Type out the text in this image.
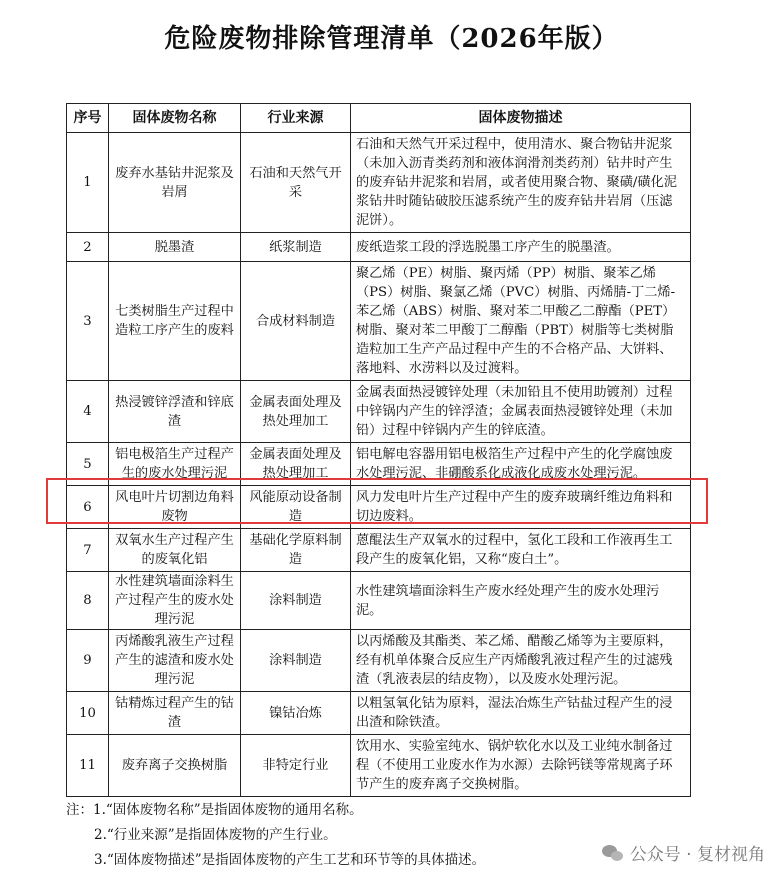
危险废物排除管理清单（2026年版）
序号	固体废物名称	行业来源	固体废物描述
1	废弃水基钻井泥浆及岩屑	石油和天然气开采	石油和天然气开采过程中，使用清水、聚合物钻井泥浆（未加入沥青类药剂和液体润滑剂类药剂）钻井时产生的废弃钻井泥浆和岩屑，或者使用聚合物、聚磺/磺化泥浆钻井时随钻破胶压滤系统产生的废弃钻井岩屑（压滤泥饼）。
2	脱墨渣	纸浆制造	废纸造浆工段的浮选脱墨工序产生的脱墨渣。
3	七类树脂生产过程中造粒工序产生的废料	合成材料制造	聚乙烯（PE）树脂、聚丙烯（PP）树脂、聚苯乙烯（PS）树脂、聚氯乙烯（PVC）树脂、丙烯腈-丁二烯-苯乙烯（ABS）树脂、聚对苯二甲酸乙二醇酯（PET）树脂、聚对苯二甲酸丁二醇酯（PBT）树脂等七类树脂造粒加工生产产品过程中产生的不合格产品、大饼料、落地料、水涝料以及过渡料。
4	热浸镀锌浮渣和锌底渣	金属表面处理及热处理加工	金属表面热浸镀锌处理（未加铅且不使用助镀剂）过程中锌锅内产生的锌浮渣；金属表面热浸镀锌处理（未加铅）过程中锌锅内产生的锌底渣。
5	铝电极箔生产过程产生的废水处理污泥	金属表面处理及热处理加工	铝电解电容器用铝电极箔生产过程中产生的化学腐蚀废水处理污泥、非硼酸系化成液化成废水处理污泥。
6	风电叶片切割边角料废物	风能原动设备制造	风力发电叶片生产过程中产生的废弃玻璃纤维边角料和切边废料。
7	双氧水生产过程产生的废氧化铝	基础化学原料制造	蒽醌法生产双氧水的过程中，氢化工段和工作液再生工段产生的废氧化铝，又称“废白土”。
8	水性建筑墙面涂料生产过程产生的废水处理污泥	涂料制造	水性建筑墙面涂料生产废水经处理产生的废水处理污泥。
9	丙烯酸乳液生产过程产生的滤渣和废水处理污泥	涂料制造	以丙烯酸及其酯类、苯乙烯、醋酸乙烯等为主要原料，经有机单体聚合反应生产丙烯酸乳液过程产生的过滤残渣（乳液表层的结皮物），以及废水处理污泥。
10	钴精炼过程产生的钴渣	镍钴冶炼	以粗氢氧化钴为原料，湿法冶炼生产钴盐过程产生的浸出渣和除铁渣。
11	废弃离子交换树脂	非特定行业	饮用水、实验室纯水、锅炉软化水以及工业纯水制备过程（不使用工业废水作为水源）去除钙镁等常规离子环节产生的废弃离子交换树脂。
注：1.“固体废物名称”是指固体废物的通用名称。
2.“行业来源”是指固体废物的产生行业。
3.“固体废物描述”是指固体废物的产生工艺和环节等的具体描述。	公众号 · 复材视角
